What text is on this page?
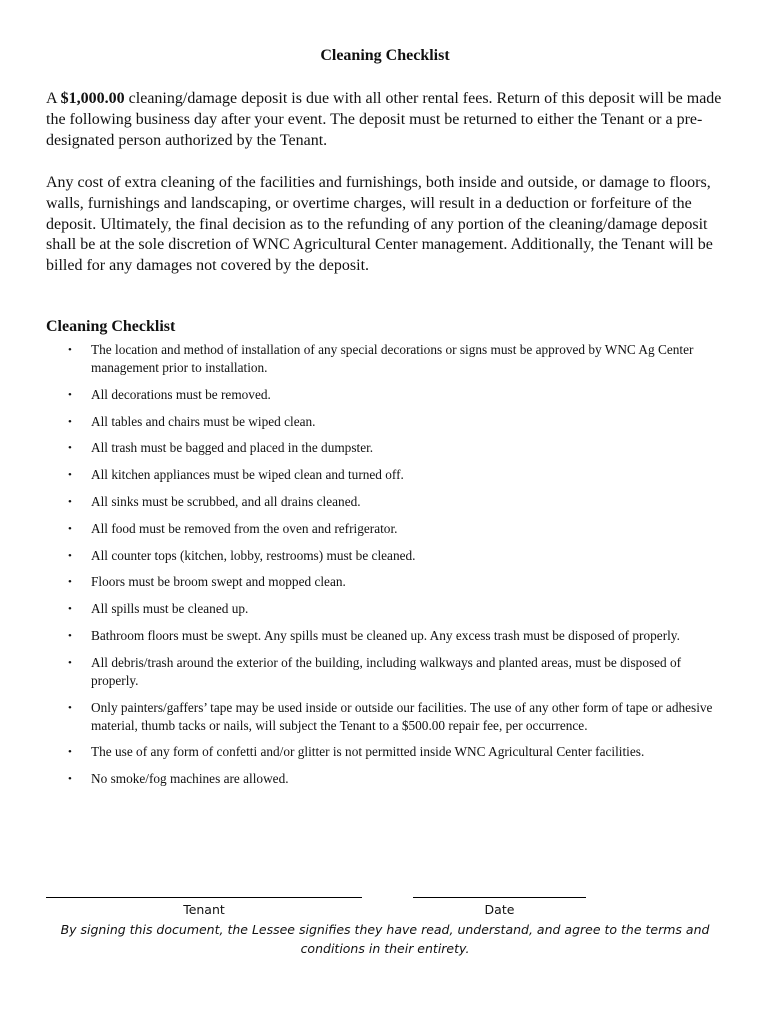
Cleaning Checklist

A $1,000.00 cleaning/damage deposit is due with all other rental fees. Return of this deposit will be made the following business day after your event. The deposit must be returned to either the Tenant or a pre-designated person authorized by the Tenant.

Any cost of extra cleaning of the facilities and furnishings, both inside and outside, or damage to floors, walls, furnishings and landscaping, or overtime charges, will result in a deduction or forfeiture of the deposit. Ultimately, the final decision as to the refunding of any portion of the cleaning/damage deposit shall be at the sole discretion of WNC Agricultural Center management. Additionally, the Tenant will be billed for any damages not covered by the deposit.

Cleaning Checklist
• The location and method of installation of any special decorations or signs must be approved by WNC Ag Center management prior to installation.
• All decorations must be removed.
• All tables and chairs must be wiped clean.
• All trash must be bagged and placed in the dumpster.
• All kitchen appliances must be wiped clean and turned off.
• All sinks must be scrubbed, and all drains cleaned.
• All food must be removed from the oven and refrigerator.
• All counter tops (kitchen, lobby, restrooms) must be cleaned.
• Floors must be broom swept and mopped clean.
• All spills must be cleaned up.
• Bathroom floors must be swept. Any spills must be cleaned up. Any excess trash must be disposed of properly.
• All debris/trash around the exterior of the building, including walkways and planted areas, must be disposed of properly.
• Only painters/gaffers’ tape may be used inside or outside our facilities. The use of any other form of tape or adhesive material, thumb tacks or nails, will subject the Tenant to a $500.00 repair fee, per occurrence.
• The use of any form of confetti and/or glitter is not permitted inside WNC Agricultural Center facilities.
• No smoke/fog machines are allowed.
Tenant	Date

By signing this document, the Lessee signifies they have read, understand, and agree to the terms and conditions in their entirety.
